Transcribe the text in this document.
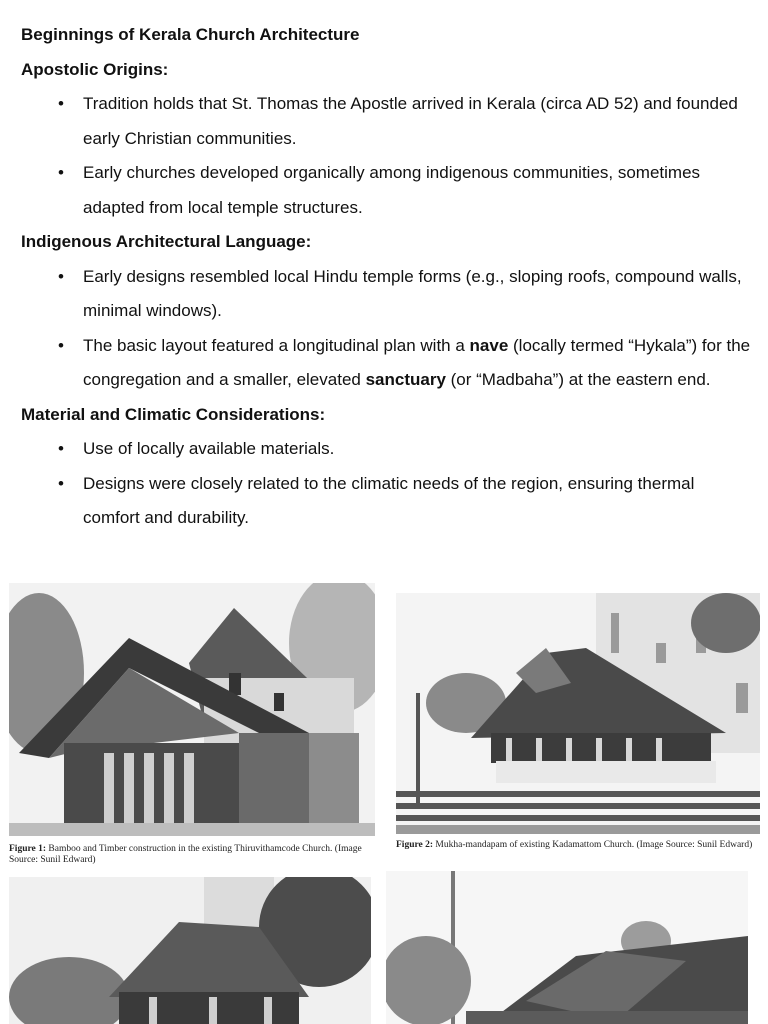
Beginnings of Kerala Church Architecture
Apostolic Origins:
• Tradition holds that St. Thomas the Apostle arrived in Kerala (circa AD 52) and founded early Christian communities.
• Early churches developed organically among indigenous communities, sometimes adapted from local temple structures.
Indigenous Architectural Language:
• Early designs resembled local Hindu temple forms (e.g., sloping roofs, compound walls, minimal windows).
• The basic layout featured a longitudinal plan with a nave (locally termed “Hykala”) for the congregation and a smaller, elevated sanctuary (or “Madbaha”) at the eastern end.
Material and Climatic Considerations:
• Use of locally available materials.
• Designs were closely related to the climatic needs of the region, ensuring thermal comfort and durability.
Figure 1: Bamboo and Timber construction in the existing Thiruvithamcode Church. (Image Source: Sunil Edward)
Figure 2: Mukha-mandapam of existing Kadamattom Church. (Image Source: Sunil Edward)
